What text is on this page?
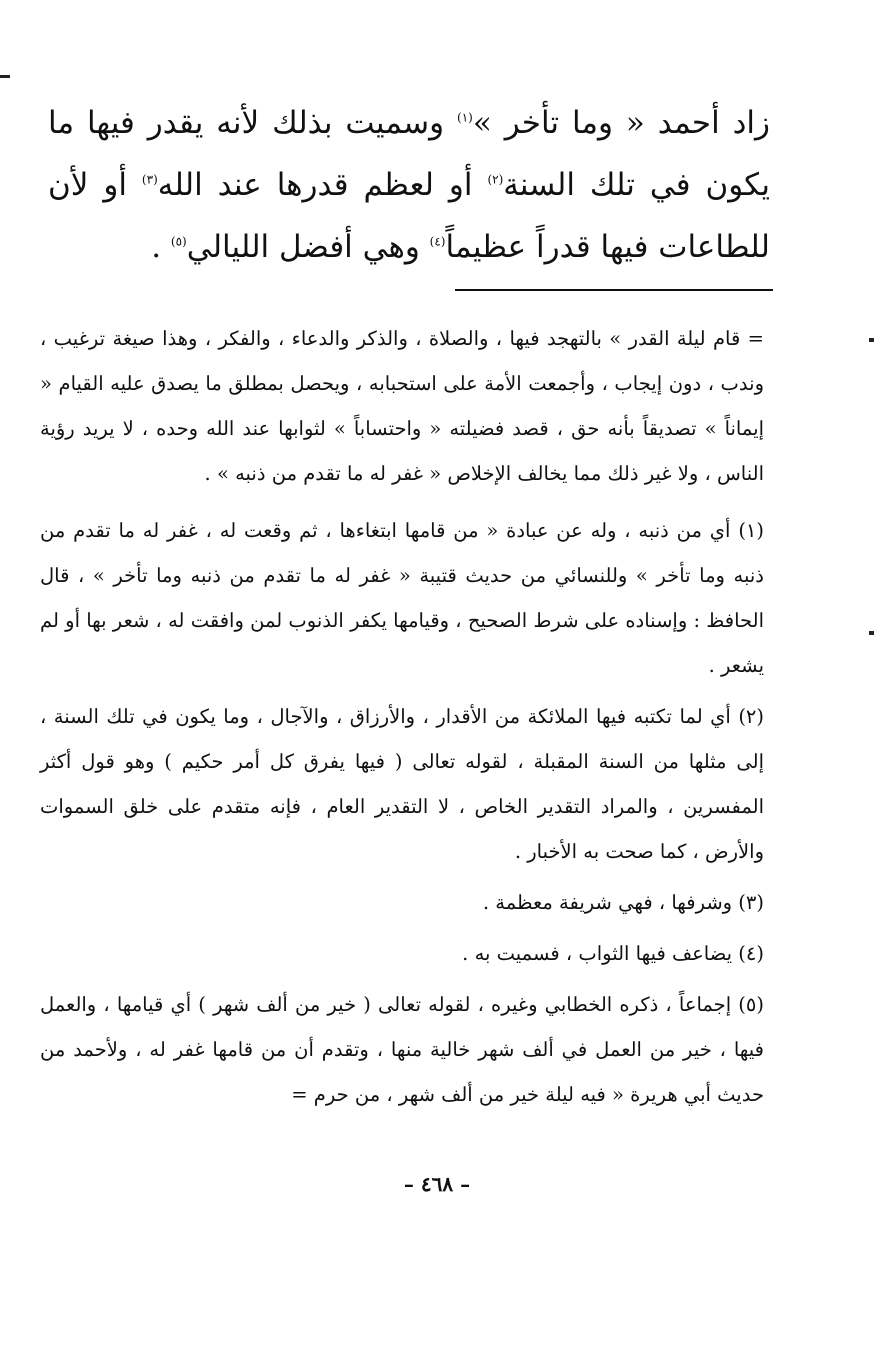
زاد أحمد « وما تأخر »$^{(١)}$ وسميت بذلك لأنه يقدر فيها ما يكون في تلك السنة$^{(٢)}$ أو لعظم قدرها عند الله$^{(٣)}$ أو لأن للطاعات فيها قدراً عظيماً$^{(٤)}$ وهي أفضل الليالي$^{(٥)}$ .

= قام ليلة القدر » بالتهجد فيها ، والصلاة ، والذكر والدعاء ، والفكر ، وهذا صيغة ترغيب ، وندب ، دون إيجاب ، وأجمعت الأمة على استحبابه ، ويحصل بمطلق ما يصدق عليه القيام « إيماناً » تصديقاً بأنه حق ، قصد فضيلته « واحتساباً » لثوابها عند الله وحده ، لا يريد رؤية الناس ، ولا غير ذلك مما يخالف الإخلاص « غفر له ما تقدم من ذنبه » .

(١) أي من ذنبه ، وله عن عبادة « من قامها ابتغاءها ، ثم وقعت له ، غفر له ما تقدم من ذنبه وما تأخر » وللنسائي من حديث قتيبة « غفر له ما تقدم من ذنبه وما تأخر » ، قال الحافظ : وإسناده على شرط الصحيح ، وقيامها يكفر الذنوب لمن وافقت له ، شعر بها أو لم يشعر .

(٢) أي لما تكتبه فيها الملائكة من الأقدار ، والأرزاق ، والآجال ، وما يكون في تلك السنة ، إلى مثلها من السنة المقبلة ، لقوله تعالى ( فيها يفرق كل أمر حكيم ) وهو قول أكثر المفسرين ، والمراد التقدير الخاص ، لا التقدير العام ، فإنه متقدم على خلق السموات والأرض ، كما صحت به الأخبار .

(٣) وشرفها ، فهي شريفة معظمة .

(٤) يضاعف فيها الثواب ، فسميت به .

(٥) إجماعاً ، ذكره الخطابي وغيره ، لقوله تعالى ( خير من ألف شهر ) أي قيامها ، والعمل فيها ، خير من العمل في ألف شهر خالية منها ، وتقدم أن من قامها غفر له ، ولأحمد من حديث أبي هريرة « فيه ليلة خير من ألف شهر ، من حرم =

– ٤٦٨ –
